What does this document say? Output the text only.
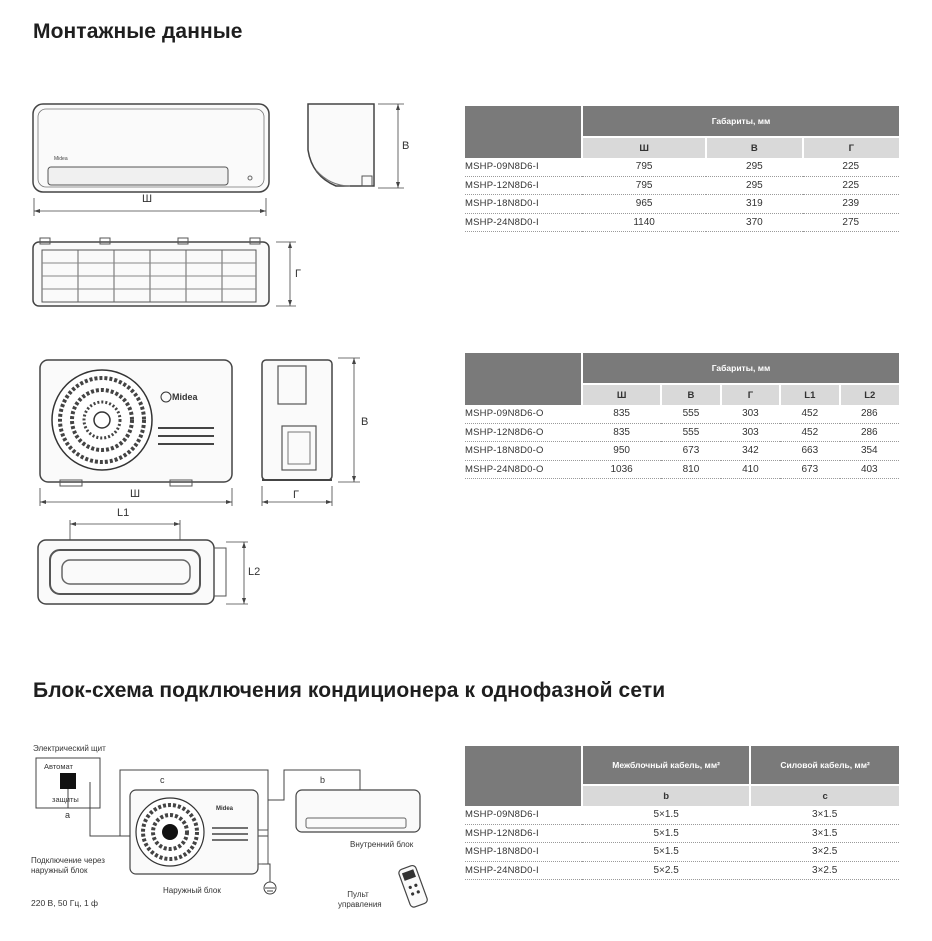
Монтажные данные
Блок-схема подключения кондиционера к однофазной сети
Midea
Ш
В
Г
Midea
Ш
В
Г
L1
L2
	Габариты, мм		
	Ш	В	Г
MSHP-09N8D6-I	795	295	225
MSHP-12N8D6-I	795	295	225
MSHP-18N8D0-I	965	319	239
MSHP-24N8D0-I	1140	370	275
	Габариты, мм				
	Ш	В	Г	L1	L2
MSHP-09N8D6-O	835	555	303	452	286
MSHP-12N8D6-O	835	555	303	452	286
MSHP-18N8D0-O	950	673	342	663	354
MSHP-24N8D0-O	1036	810	410	673	403
Midea
Электрический щит
Автомат
защиты
a
c	b
Подключение через наружный блок
220 В, 50 Гц, 1 ф
Наружный блок
Внутренний блок
Пульт управления
	Межблочный кабель, мм²	Силовой кабель, мм²
	b	c
MSHP-09N8D6-I	5×1.5	3×1.5
MSHP-12N8D6-I	5×1.5	3×1.5
MSHP-18N8D0-I	5×1.5	3×2.5
MSHP-24N8D0-I	5×2.5	3×2.5
